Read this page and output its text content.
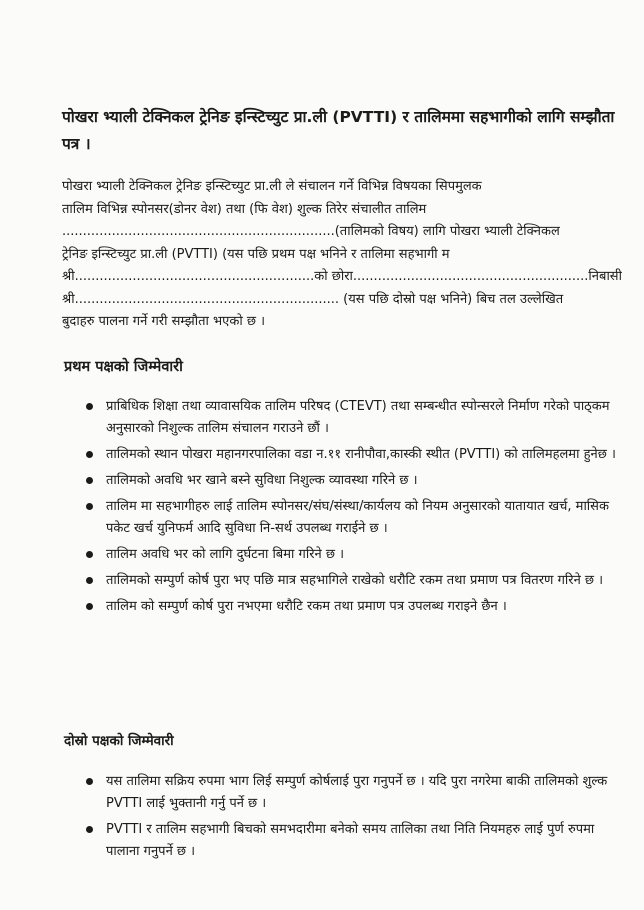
पोखरा भ्याली टेक्निकल ट्रेनिङ इन्स्टिच्युट प्रा.ली (PVTTI) र तालिममा सहभागीको लागि सम्झौता पत्र ।
पोखरा भ्याली टेक्निकल ट्रेनिङ इन्स्टिच्युट प्रा.ली ले संचालन गर्ने विभिन्न विषयका सिपमुलक
तालिम विभिन्न स्पोनसर(डोनर वेश) तथा (फि वेश) शुल्क तिरेर संचालीत तालिम
..................................................................(तालिमको विषय) लागि पोखरा भ्याली टेक्निकल
ट्रेनिङ इन्स्टिच्युट प्रा.ली (PVTTI) (यस पछि प्रथम पक्ष भनिने र तालिमा सहभागी म
श्री..........................................................को छोरा.........................................................निबासी
श्री................................................................ (यस पछि दोस्रो पक्ष भनिने) बिच तल उल्लेखित
बुदाहरु पालना गर्ने गरी सम्झौता भएको छ ।
प्रथम पक्षको जिम्मेवारी
प्राबिधिक शिक्षा तथा व्यावासयिक तालिम परिषद (CTEVT) तथा सम्बन्धीत स्पोन्सरले निर्माण गरेको पाठ्कम अनुसारको निशुल्क तालिम संचालन गराउने छौं ।
तालिमको स्थान पोखरा महानगरपालिका वडा न.११ रानीपौवा,कास्की स्थीत (PVTTI) को तालिमहलमा हुनेछ ।
तालिमको अवधि भर खाने बस्ने सुविधा निशुल्क व्यावस्था गरिने छ ।
तालिम मा सहभागीहरु लाई तालिम स्पोनसर/संघ/संस्था/कार्यलय को नियम अनुसारको यातायात खर्च, मासिक पकेट खर्च युनिफर्म आदि सुविधा नि-सर्थ उपलब्ध गराईने छ ।
तालिम अवधि भर को लागि दुर्घटना बिमा गरिने छ ।
तालिमको सम्पुर्ण कोर्ष पुरा भए पछि मात्र सहभागिले राखेको धरौटि रकम तथा प्रमाण पत्र वितरण गरिने छ ।
तालिम को सम्पुर्ण कोर्ष पुरा नभएमा धरौटि रकम तथा प्रमाण पत्र उपलब्ध गराइने छैन ।
दोस्रो पक्षको जिम्मेवारी
यस तालिमा सक्रिय रुपमा भाग लिई सम्पुर्ण कोर्षलाई पुरा गनुपर्ने छ । यदि पुरा नगरेमा बाकी तालिमको शुल्क PVTTI लाई भुक्तानी गर्नु पर्ने छ ।
PVTTI र तालिम सहभागी बिचको समभदारीमा बनेको समय तालिका तथा निति नियमहरु लाई पुर्ण रुपमा पालाना गनुपर्ने छ ।
